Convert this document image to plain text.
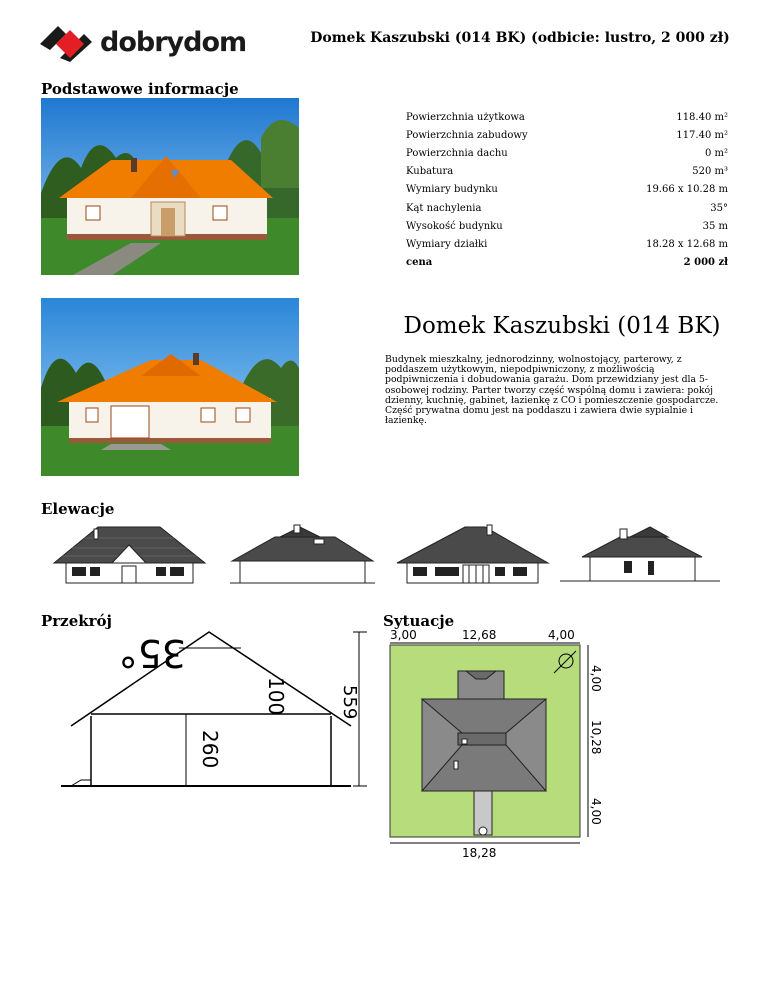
dobrydom	Domek Kaszubski (014 BK) (odbicie: lustro, 2 000 zł)
Podstawowe informacje
Powierzchnia użytkowa	118.40 m²
Powierzchnia zabudowy	117.40 m²
Powierzchnia dachu	0 m²
Kubatura	520 m³
Wymiary budynku	19.66 x 10.28 m
Kąt nachylenia	35°
Wysokość budynku	35 m
Wymiary działki	18.28 x 12.68 m
cena	2 000 zł
Domek Kaszubski (014 BK)
Budynek mieszkalny, jednorodzinny, wolnostojący, parterowy, z poddaszem użytkowym, niepodpiwniczony, z możliwością podpiwniczenia i dobudowania garażu. Dom przewidziany jest dla 5-osobowej rodziny. Parter tworzy część wspólną domu i zawiera: pokój dzienny, kuchnię, gabinet, łazienkę z CO i pomieszczenie gospodarcze. Część prywatna domu jest na poddaszu i zawiera dwie sypialnie i łazienkę.
Elewacje
Przekrój	Sytuacje
35°
260
100	559
3,00	12,68	4,00
4,00
10,28
4,00
18,28
